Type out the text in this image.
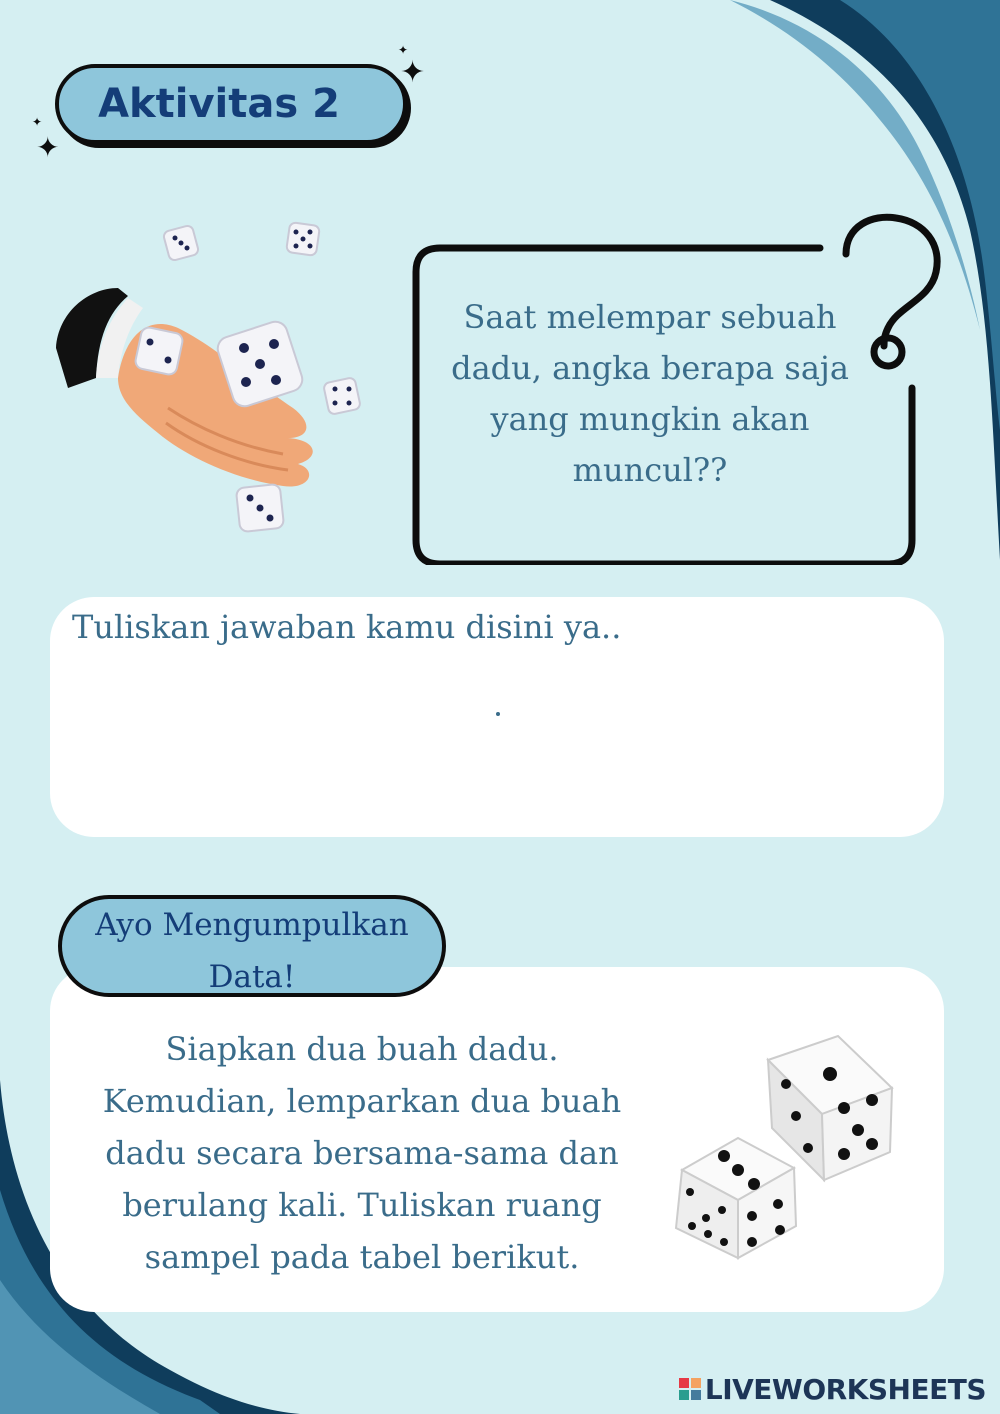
Aktivitas 2
✦
✦
✦
✦
Saat melempar sebuah dadu, angka berapa saja yang mungkin akan muncul??
Tuliskan jawaban kamu disini ya..
Ayo Mengumpulkan
Data!
Siapkan dua buah dadu. Kemudian, lemparkan dua buah dadu secara bersama-sama dan berulang kali. Tuliskan ruang sampel pada tabel berikut.
LIVEWORKSHEETS
